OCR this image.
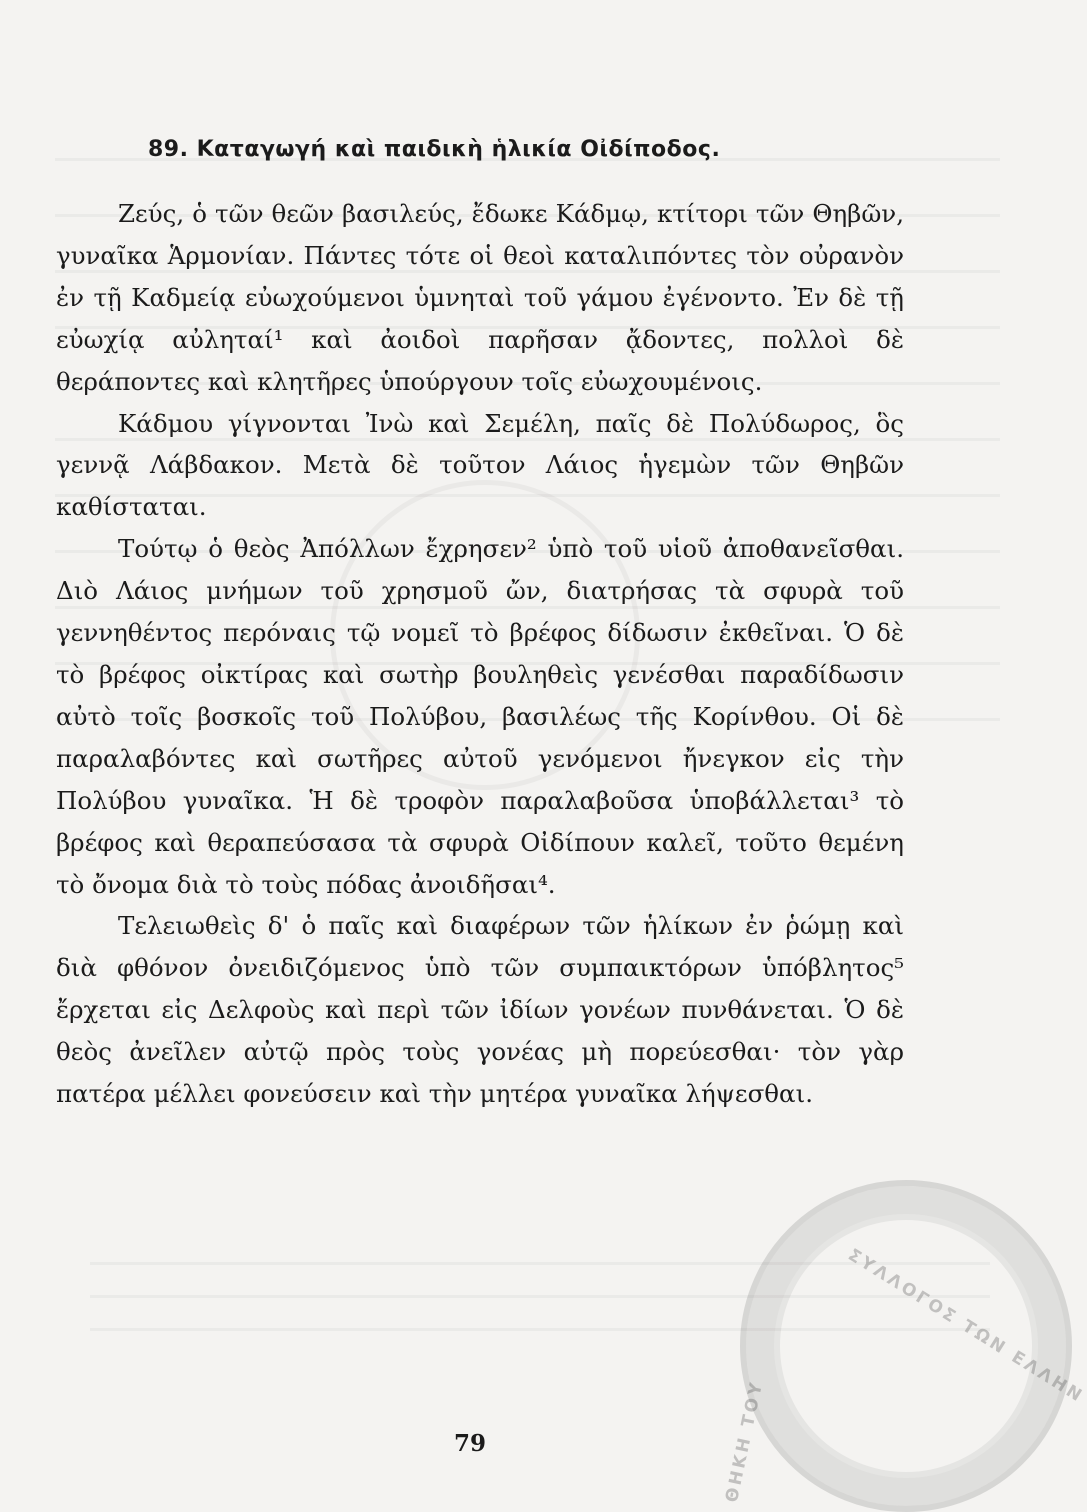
ΣΥΛΛΟΓΟΣ ΤΩΝ ΕΛΛΗΝ
ΘΗΚΗ ΤΟΥ
89. Καταγωγή καὶ παιδικὴ ἡλικία Οἰδίποδος.

Ζεύς, ὁ τῶν θεῶν βασιλεύς, ἔδωκε Κάδμῳ, κτίτορι τῶν Θηβῶν, γυναῖκα Ἁρμονίαν. Πάντες τότε οἱ θεοὶ καταλιπόντες τὸν οὐρανὸν ἐν τῇ Καδμείᾳ εὐωχούμενοι ὑμνηταὶ τοῦ γάμου ἐγένοντο. Ἐν δὲ τῇ εὐωχίᾳ αὐληταί¹ καὶ ἀοιδοὶ παρῆσαν ᾄδοντες, πολλοὶ δὲ θεράποντες καὶ κλητῆρες ὑπούργουν τοῖς εὐωχουμένοις.

Κάδμου γίγνονται Ἰνὼ καὶ Σεμέλη, παῖς δὲ Πολύδωρος, ὃς γεννᾷ Λάβδακον. Μετὰ δὲ τοῦτον Λάιος ἡγεμὼν τῶν Θηβῶν καθίσταται.

Τούτῳ ὁ θεὸς Ἀπόλλων ἔχρησεν² ὑπὸ τοῦ υἱοῦ ἀποθανεῖσθαι. Διὸ Λάιος μνήμων τοῦ χρησμοῦ ὤν, διατρήσας τὰ σφυρὰ τοῦ γεννηθέντος περόναις τῷ νομεῖ τὸ βρέφος δίδωσιν ἐκθεῖναι. Ὁ δὲ τὸ βρέφος οἰκτίρας καὶ σωτὴρ βουληθεὶς γενέσθαι παραδίδωσιν αὐτὸ τοῖς βοσκοῖς τοῦ Πολύβου, βασιλέως τῆς Κορίνθου. Οἱ δὲ παραλαβόντες καὶ σωτῆρες αὐτοῦ γενόμενοι ἤνεγκον εἰς τὴν Πολύβου γυναῖκα. Ἡ δὲ τροφὸν παραλαβοῦσα ὑποβάλλεται³ τὸ βρέφος καὶ θεραπεύσασα τὰ σφυρὰ Οἰδίπουν καλεῖ, τοῦτο θεμένη τὸ ὄνομα διὰ τὸ τοὺς πόδας ἀνοιδῆσαι⁴.

Τελειωθεὶς δ' ὁ παῖς καὶ διαφέρων τῶν ἡλίκων ἐν ῥώμῃ καὶ διὰ φθόνον ὀνειδιζόμενος ὑπὸ τῶν συμπαικτόρων ὑπόβλητος⁵ ἔρχεται εἰς Δελφοὺς καὶ περὶ τῶν ἰδίων γονέων πυνθάνεται. Ὁ δὲ θεὸς ἀνεῖλεν αὐτῷ πρὸς τοὺς γονέας μὴ πορεύεσθαι· τὸν γὰρ πατέρα μέλλει φονεύσειν καὶ τὴν μητέρα γυναῖκα λήψεσθαι.

79
